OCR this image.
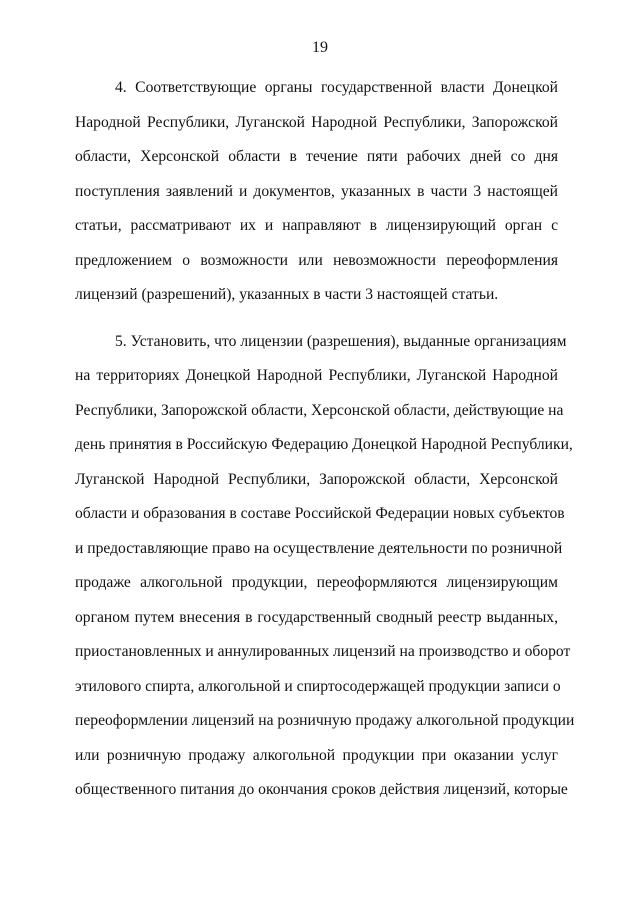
19

4. Соответствующие органы государственной власти Донецкой
Народной Республики, Луганской Народной Республики, Запорожской
области, Херсонской области в течение пяти рабочих дней со дня
поступления заявлений и документов, указанных в части 3 настоящей
статьи, рассматривают их и направляют в лицензирующий орган с
предложением о возможности или невозможности переоформления
лицензий (разрешений), указанных в части 3 настоящей статьи.

5. Установить, что лицензии (разрешения), выданные организациям
на территориях Донецкой Народной Республики, Луганской Народной
Республики, Запорожской области, Херсонской области, действующие на
день принятия в Российскую Федерацию Донецкой Народной Республики,
Луганской Народной Республики, Запорожской области, Херсонской
области и образования в составе Российской Федерации новых субъектов
и предоставляющие право на осуществление деятельности по розничной
продаже алкогольной продукции, переоформляются лицензирующим
органом путем внесения в государственный сводный реестр выданных,
приостановленных и аннулированных лицензий на производство и оборот
этилового спирта, алкогольной и спиртосодержащей продукции записи о
переоформлении лицензий на розничную продажу алкогольной продукции
или розничную продажу алкогольной продукции при оказании услуг
общественного питания до окончания сроков действия лицензий, которые
